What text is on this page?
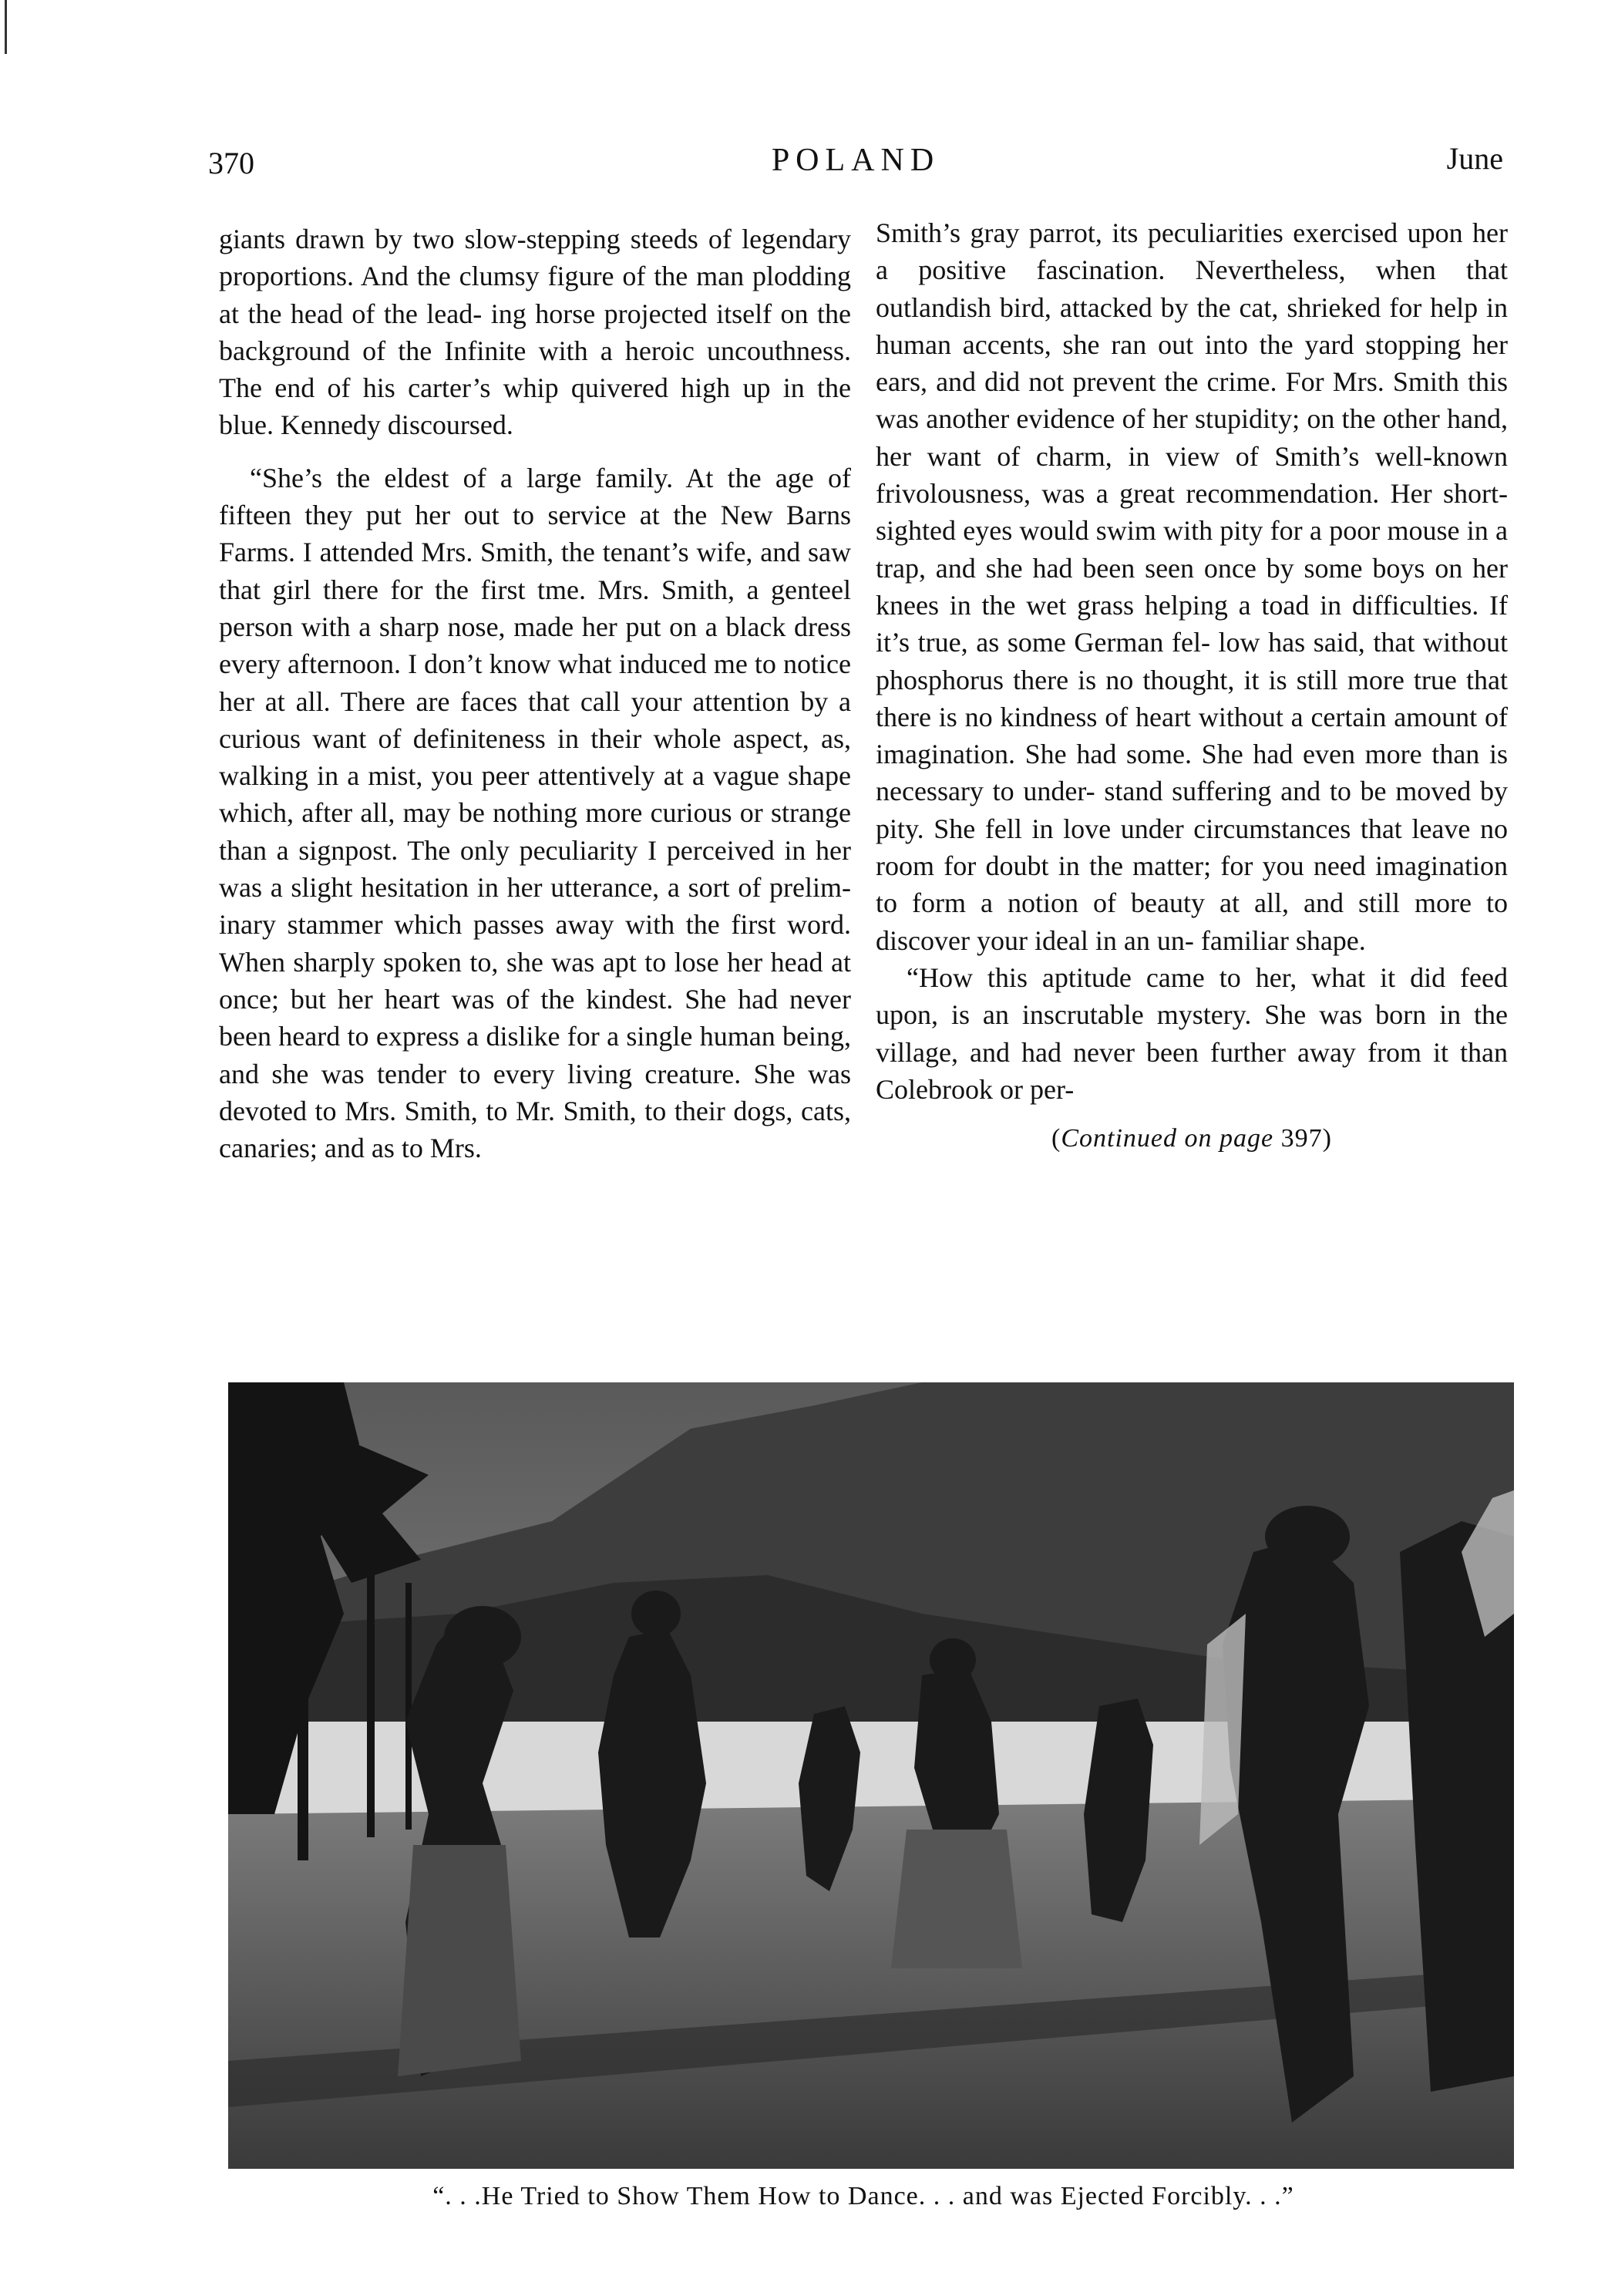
370	POLAND	June

giants drawn by two slow-stepping steeds of legendary proportions. And the clumsy figure of the man plodding at the head of the lead- ing horse projected itself on the background of the Infinite with a heroic uncouthness. The end of his carter’s whip quivered high up in the blue. Kennedy discoursed.

“She’s the eldest of a large family. At the age of fifteen they put her out to service at the New Barns Farms. I attended Mrs. Smith, the tenant’s wife, and saw that girl there for the first tme. Mrs. Smith, a genteel person with a sharp nose, made her put on a black dress every afternoon. I don’t know what induced me to notice her at all. There are faces that call your attention by a curious want of definiteness in their whole aspect, as, walking in a mist, you peer attentively at a vague shape which, after all, may be nothing more curious or strange than a signpost. The only peculiarity I perceived in her was a slight hesitation in her utterance, a sort of prelim- inary stammer which passes away with the first word. When sharply spoken to, she was apt to lose her head at once; but her heart was of the kindest. She had never been heard to express a dislike for a single human being, and she was tender to every living creature. She was devoted to Mrs. Smith, to Mr. Smith, to their dogs, cats, canaries; and as to Mrs.

Smith’s gray parrot, its peculiarities exercised upon her a positive fascination. Nevertheless, when that outlandish bird, attacked by the cat, shrieked for help in human accents, she ran out into the yard stopping her ears, and did not prevent the crime. For Mrs. Smith this was another evidence of her stupidity; on the other hand, her want of charm, in view of Smith’s well-known frivolousness, was a great recommendation. Her short-sighted eyes would swim with pity for a poor mouse in a trap, and she had been seen once by some boys on her knees in the wet grass helping a toad in difficulties. If it’s true, as some German fel- low has said, that without phosphorus there is no thought, it is still more true that there is no kindness of heart without a certain amount of imagination. She had some. She had even more than is necessary to under- stand suffering and to be moved by pity. She fell in love under circumstances that leave no room for doubt in the matter; for you need imagination to form a notion of beauty at all, and still more to discover your ideal in an un- familiar shape.

“How this aptitude came to her, what it did feed upon, is an inscrutable mystery. She was born in the village, and had never been further away from it than Colebrook or per-

(Continued on page 397)
“. . .He Tried to Show Them How to Dance. . . and was Ejected Forcibly. . .”
